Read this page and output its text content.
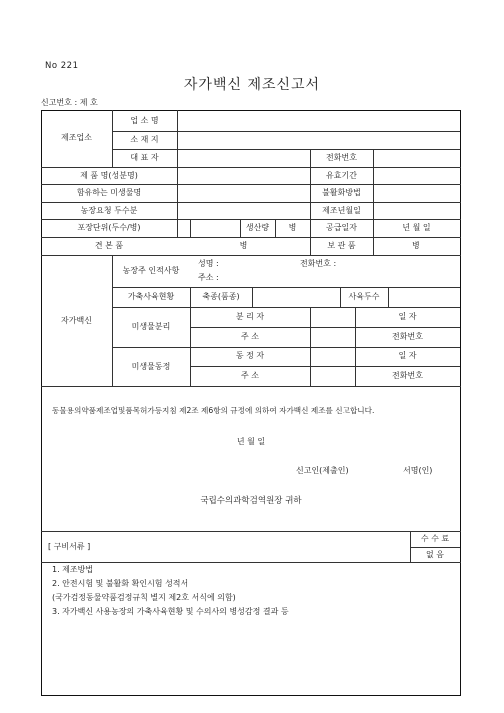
No 221
자가백신 제조신고서
신고번호 : 제 호
제조업소
업 소 명
소 재 지
대 표 자	전화번호
제 품 명(성분명)	유효기간
함유하는 미생물명	불활화방법
농장요청 두수분	제조년월일
포장단위(두수/병)	생산량	병	공급일자	년 월 일
견 본 품	병	보 관 품	병
자가백신
농장주 인적사항
성명 :	전화번호 :
주소 :
가축사육현황	축종(품종)	사육두수
미생물분리
분 리 자	일 자
주 소	전화번호
미생물동정
동 정 자	일 자
주 소	전화번호
동물용의약품제조업및품목허가등지침 제2조 제6항의 규정에 의하여 자가백신 제조를 신고합니다.
년 월 일
신고인(제출인)	서명(인)
국립수의과학검역원장 귀하
[ 구비서류 ]
수 수 료
없 음
1. 제조방법
2. 안전시험 및 불활화 확인시험 성적서
(국가검정동물약품검정규칙 별지 제2호 서식에 의함)
3. 자가백신 사용농장의 가축사육현황 및 수의사의 병성감정 결과 등
